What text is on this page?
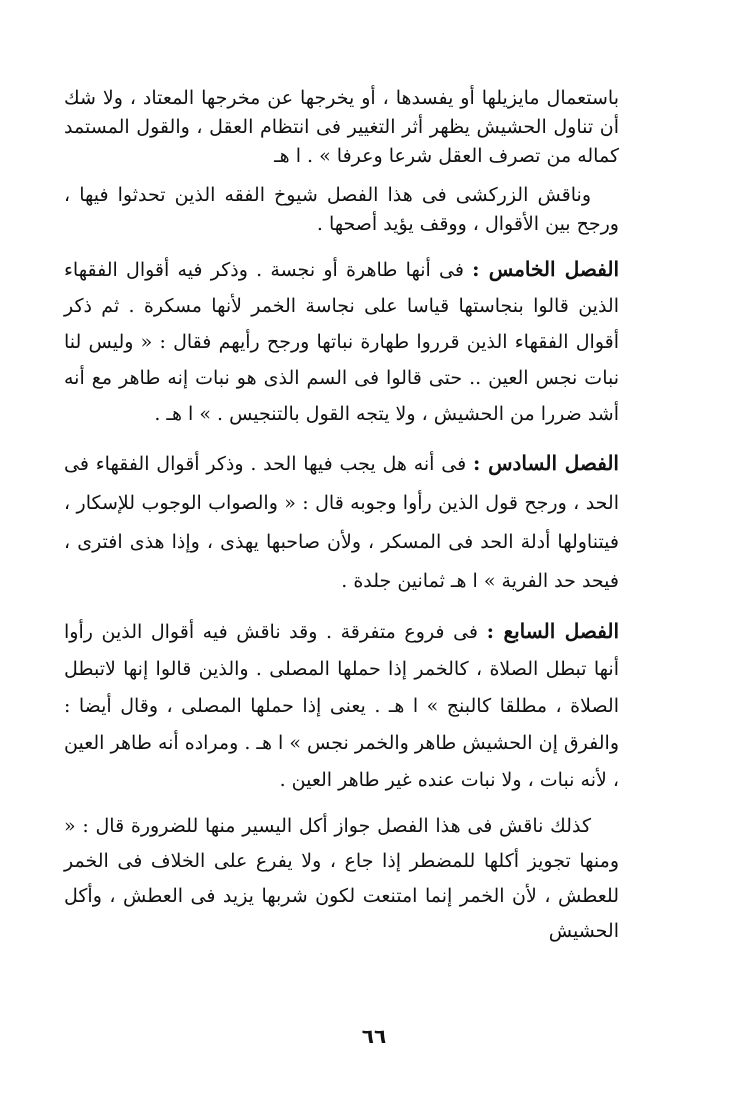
باستعمال مايزيلها أو يفسدها ، أو يخرجها عن مخرجها المعتاد ، ولا شك أن تناول الحشيش يظهر أثر التغيير فى انتظام العقل ، والقول المستمد كماله من تصرف العقل شرعا وعرفا » . ا هـ

وناقش الزركشى فى هذا الفصل شيوخ الفقه الذين تحدثوا فيها ، ورجح بين الأقوال ، ووقف يؤيد أصحها .

الفصل الخامس : فى أنها طاهرة أو نجسة . وذكر فيه أقوال الفقهاء الذين قالوا بنجاستها قياسا على نجاسة الخمر لأنها مسكرة . ثم ذكر أقوال الفقهاء الذين قرروا طهارة نباتها ورجح رأيهم فقال : « وليس لنا نبات نجس العين .. حتى قالوا فى السم الذى هو نبات إنه طاهر مع أنه أشد ضررا من الحشيش ، ولا يتجه القول بالتنجيس . » ا هـ .

الفصل السادس : فى أنه هل يجب فيها الحد . وذكر أقوال الفقهاء فى الحد ، ورجح قول الذين رأوا وجوبه قال : « والصواب الوجوب للإسكار ، فيتناولها أدلة الحد فى المسكر ، ولأن صاحبها يهذى ، وإذا هذى افترى ، فيحد حد الفرية » ا هـ ثمانين جلدة .

الفصل السابع : فى فروع متفرقة . وقد ناقش فيه أقوال الذين رأوا أنها تبطل الصلاة ، كالخمر إذا حملها المصلى . والذين قالوا إنها لاتبطل الصلاة ، مطلقا كالبنج » ا هـ . يعنى إذا حملها المصلى ، وقال أيضا : والفرق إن الحشيش طاهر والخمر نجس » ا هـ . ومراده أنه طاهر العين ، لأنه نبات ، ولا نبات عنده غير طاهر العين .

كذلك ناقش فى هذا الفصل جواز أكل اليسير منها للضرورة قال : « ومنها تجويز أكلها للمضطر إذا جاع ، ولا يفرع على الخلاف فى الخمر للعطش ، لأن الخمر إنما امتنعت لكون شربها يزيد فى العطش ، وأكل الحشيش

٦٦
